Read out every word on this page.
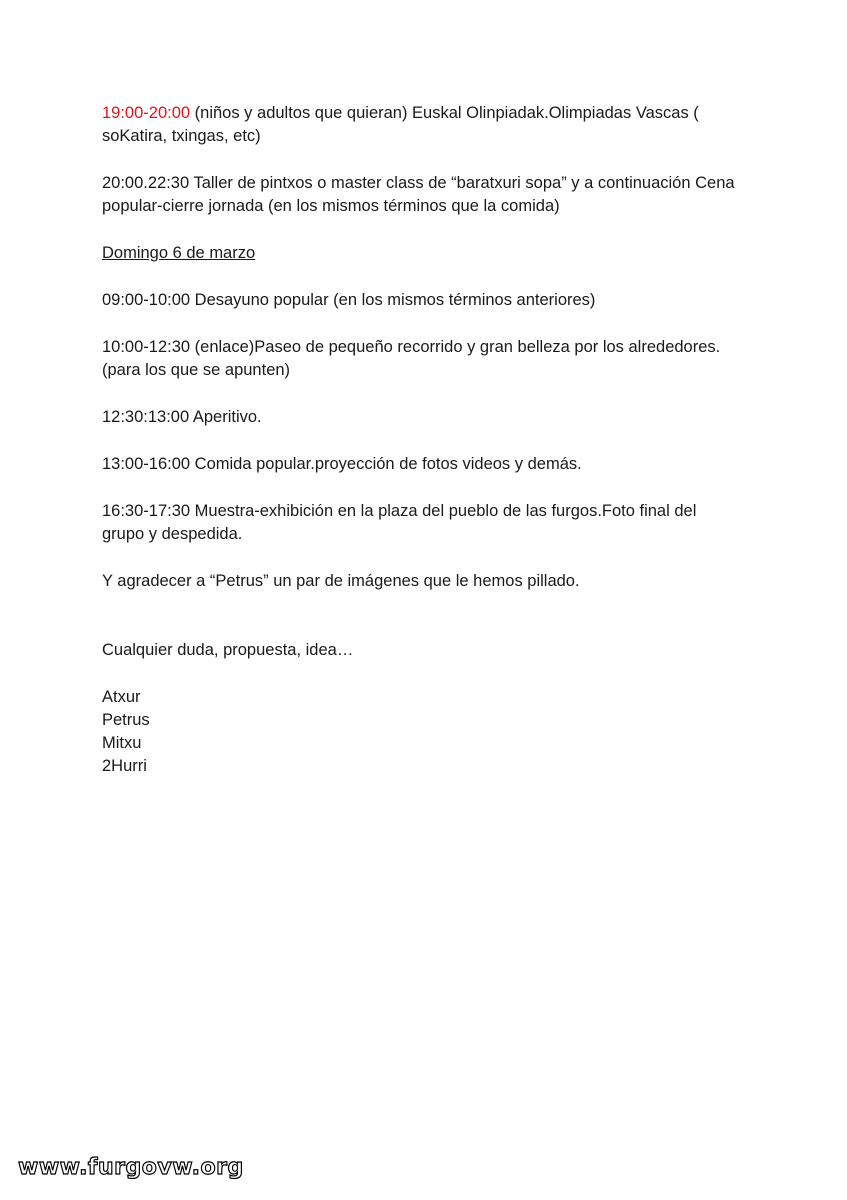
19:00-20:00 (niños y adultos que quieran) Euskal Olinpiadak.Olimpiadas Vascas ( soKatira, txingas, etc)

20:00.22:30 Taller de pintxos o master class de “baratxuri sopa” y a continuación Cena popular-cierre jornada (en los mismos términos que la comida)

Domingo 6 de marzo

09:00-10:00 Desayuno popular (en los mismos términos anteriores)

10:00-12:30 (enlace)Paseo de pequeño recorrido y gran belleza por los alrededores.(para los que se apunten)

12:30:13:00 Aperitivo.

13:00-16:00 Comida popular.proyección de fotos videos y demás.

16:30-17:30 Muestra-exhibición en la plaza del pueblo de las furgos.Foto final del grupo y despedida.

Y agradecer a “Petrus” un par de imágenes que le hemos pillado.

Cualquier duda, propuesta, idea…

Atxur
Petrus
Mitxu
2Hurri
www.furgovw.org
